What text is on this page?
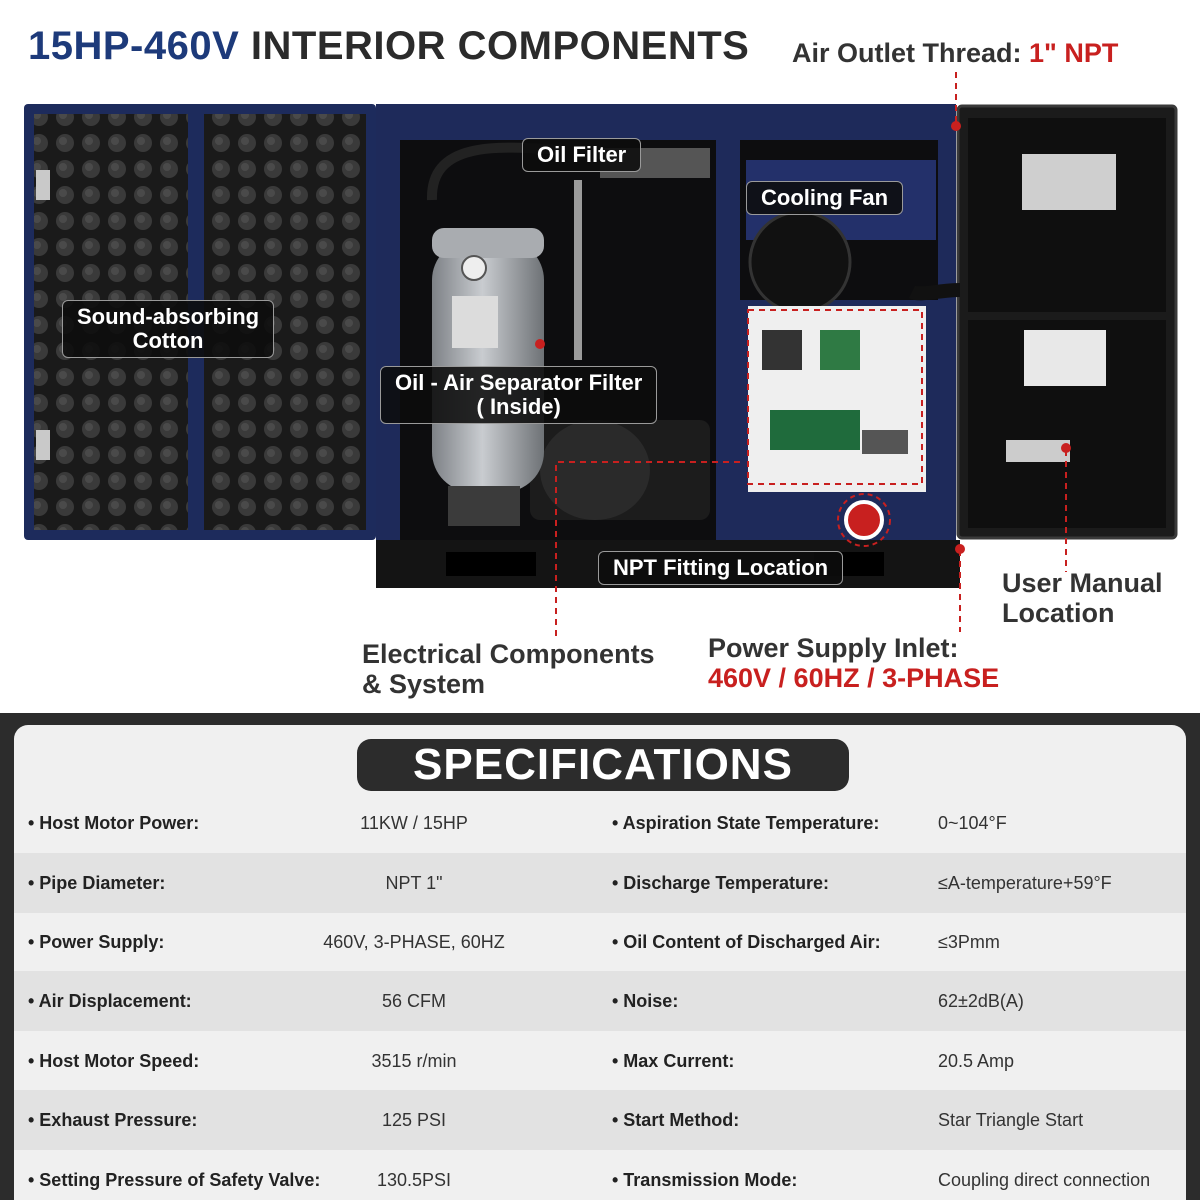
15HP-460V INTERIOR COMPONENTS Air Outlet Thread: 1" NPT
Oil Filter
Cooling Fan
Sound-absorbing
Cotton
Oil - Air Separator Filter
( Inside)
NPT Fitting Location
User Manual
Location
Electrical Components
& System
Power Supply Inlet:
460V / 60HZ / 3-PHASE
SPECIFICATIONS
• Host Motor Power:	11KW / 15HP	• Aspiration State Temperature:	0~104°F
• Pipe Diameter:	NPT 1"	• Discharge Temperature:	≤A-temperature+59°F
• Power Supply:	460V, 3-PHASE, 60HZ	• Oil Content of Discharged Air:	≤3Pmm
• Air Displacement:	56 CFM	• Noise:	62±2dB(A)
• Host Motor Speed:	3515 r/min	• Max Current:	20.5 Amp
• Exhaust Pressure:	125 PSI	• Start Method:	Star Triangle Start
• Setting Pressure of Safety Valve:	130.5PSI	• Transmission Mode:	Coupling direct connection
